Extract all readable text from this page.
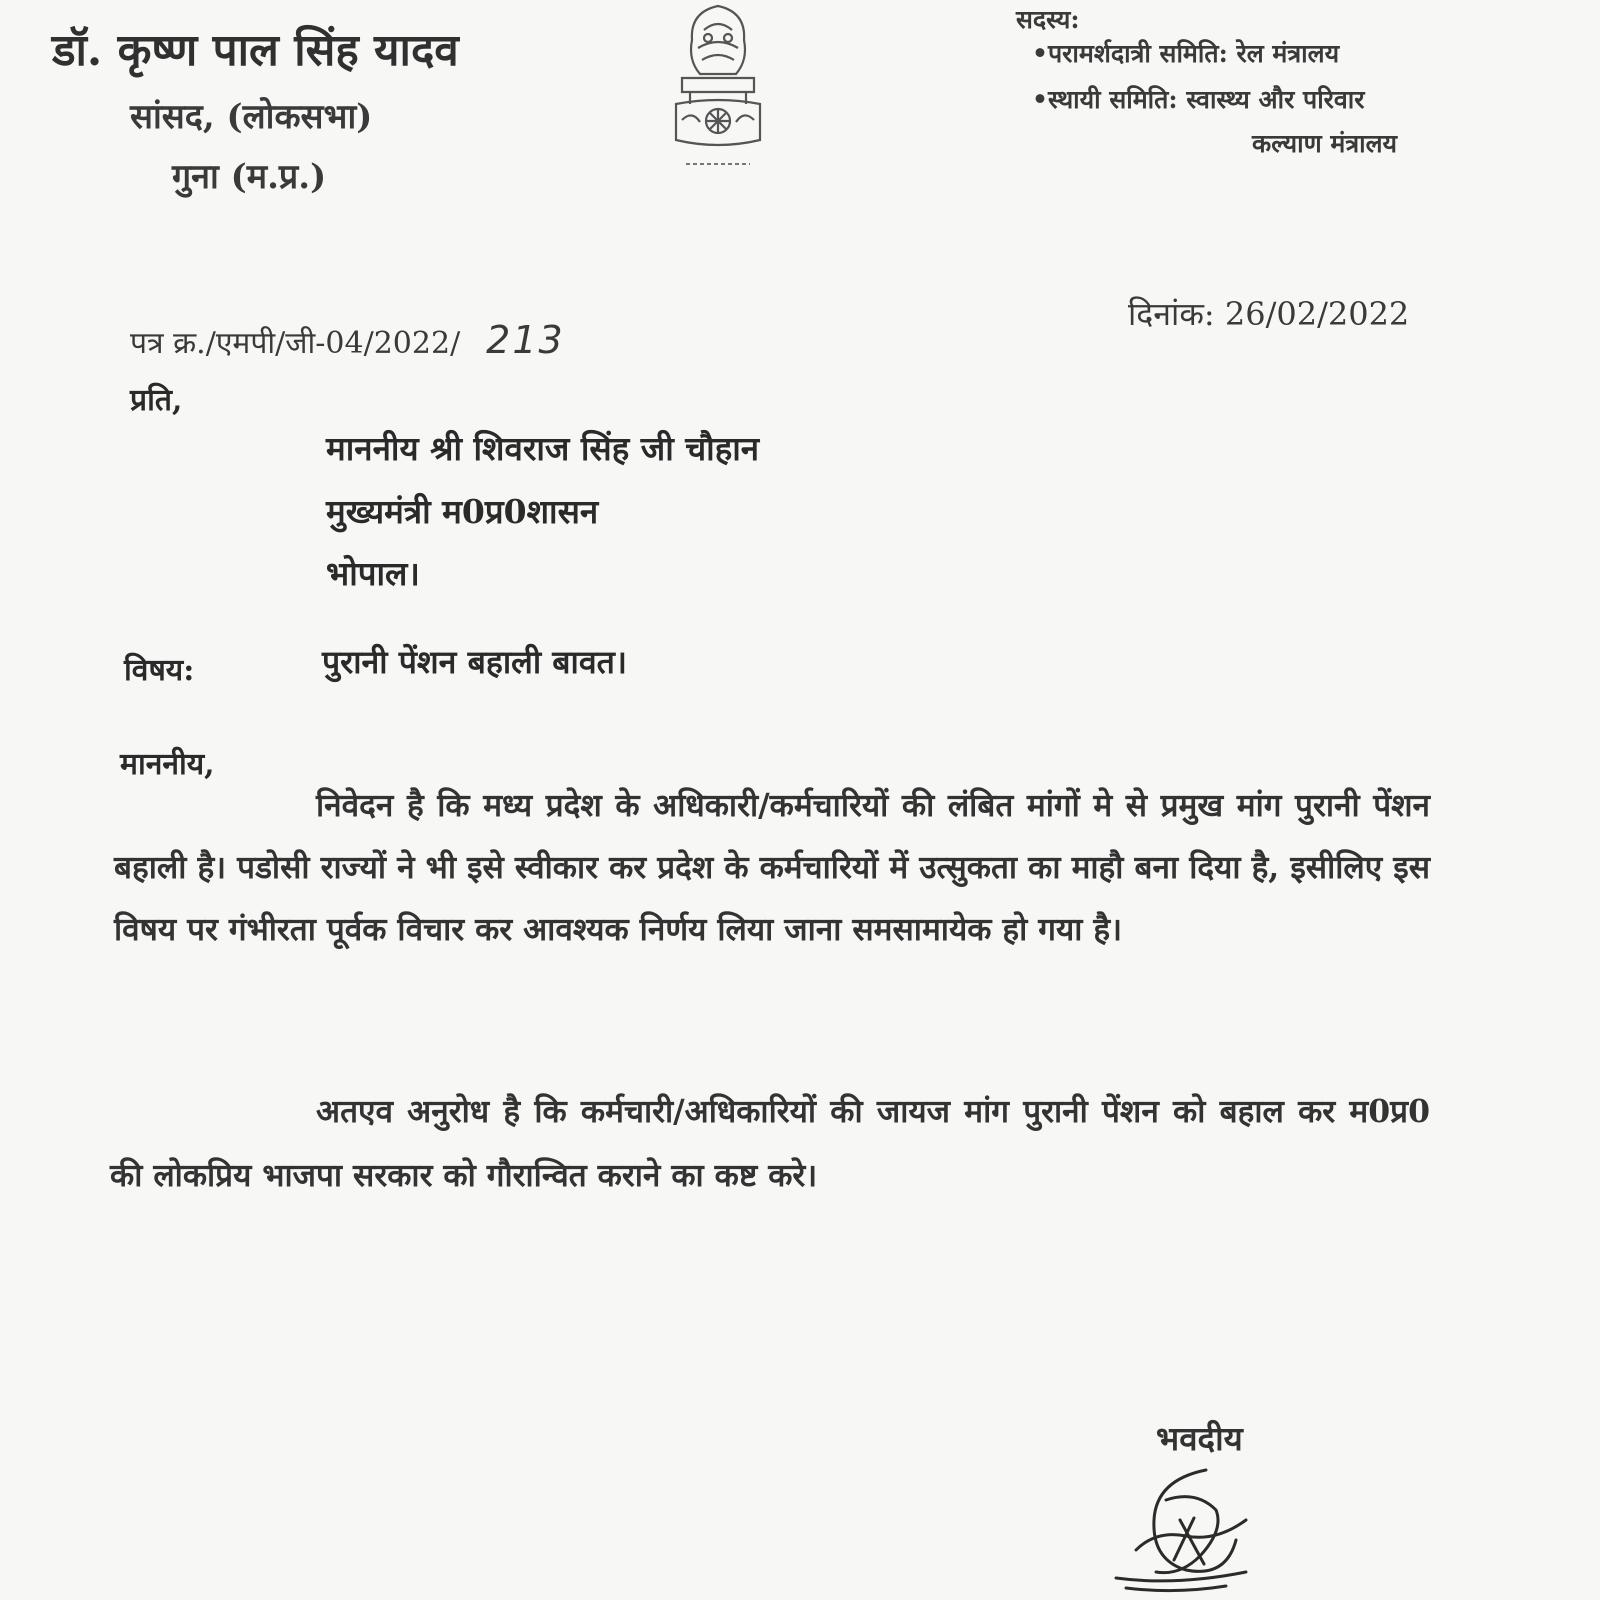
डॉ. कृष्ण पाल सिंह यादव
सांसद, (लोकसभा)
गुना (म.प्र.)
सदस्य:
•परामर्शदात्री समिति: रेल मंत्रालय
•स्थायी समिति: स्वास्थ्य और परिवार
कल्याण मंत्रालय
पत्र क्र./एमपी/जी-04/2022/ 213
दिनांक: 26/02/2022
प्रति,
माननीय श्री शिवराज सिंह जी चौहान
मुख्यमंत्री म0प्र0शासन
भोपाल।
विषय:	पुरानी पेंशन बहाली बावत।
माननीय,
निवेदन है कि मध्य प्रदेश के अधिकारी/कर्मचारियों की लंबित मांगों मे से प्रमुख मांग पुरानी पेंशन बहाली है। पडोसी राज्यों ने भी इसे स्वीकार कर प्रदेश के कर्मचारियों में उत्सुकता का माहौ बना दिया है, इसीलिए इस विषय पर गंभीरता पूर्वक विचार कर आवश्यक निर्णय लिया जाना समसामायेक हो गया है।
अतएव अनुरोध है कि कर्मचारी/अधिकारियों की जायज मांग पुरानी पेंशन को बहाल कर म0प्र0 की लोकप्रिय भाजपा सरकार को गौरान्वित कराने का कष्ट करे।
भवदीय
